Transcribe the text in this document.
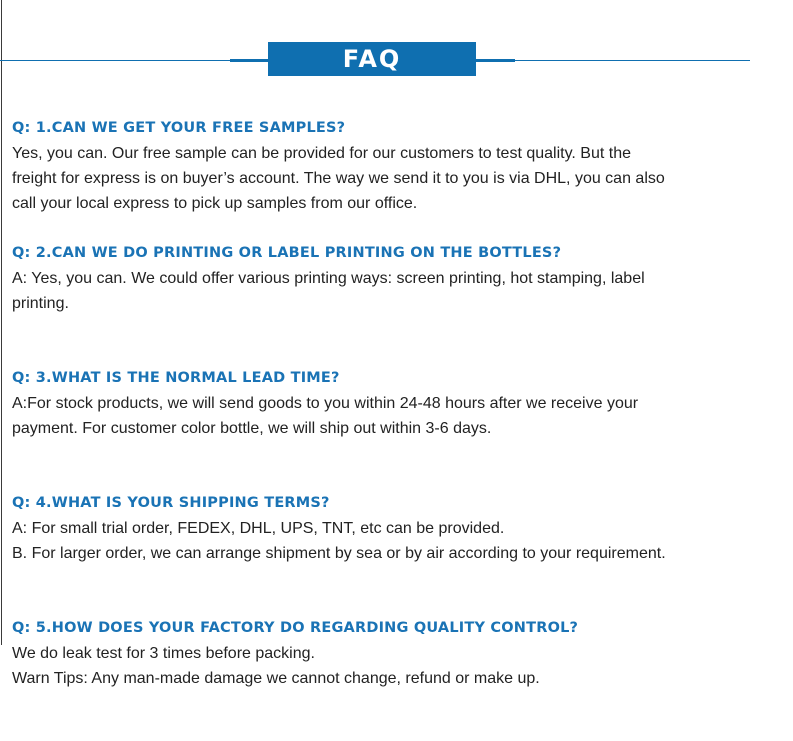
FAQ
Q: 1.CAN WE GET YOUR FREE SAMPLES?
Yes, you can. Our free sample can be provided for our customers to test quality. But the
freight for express is on buyer’s account. The way we send it to you is via DHL, you can also
call your local express to pick up samples from our office.
Q: 2.CAN WE DO PRINTING OR LABEL PRINTING ON THE BOTTLES?
A: Yes, you can. We could offer various printing ways: screen printing, hot stamping, label
printing.
Q: 3.WHAT IS THE NORMAL LEAD TIME?
A:For stock products, we will send goods to you within 24-48 hours after we receive your
payment. For customer color bottle, we will ship out within 3-6 days.
Q: 4.WHAT IS YOUR SHIPPING TERMS?
A: For small trial order, FEDEX, DHL, UPS, TNT, etc can be provided.
B. For larger order, we can arrange shipment by sea or by air according to your requirement.
Q: 5.HOW DOES YOUR FACTORY DO REGARDING QUALITY CONTROL?
We do leak test for 3 times before packing.
Warn Tips: Any man-made damage we cannot change, refund or make up.
